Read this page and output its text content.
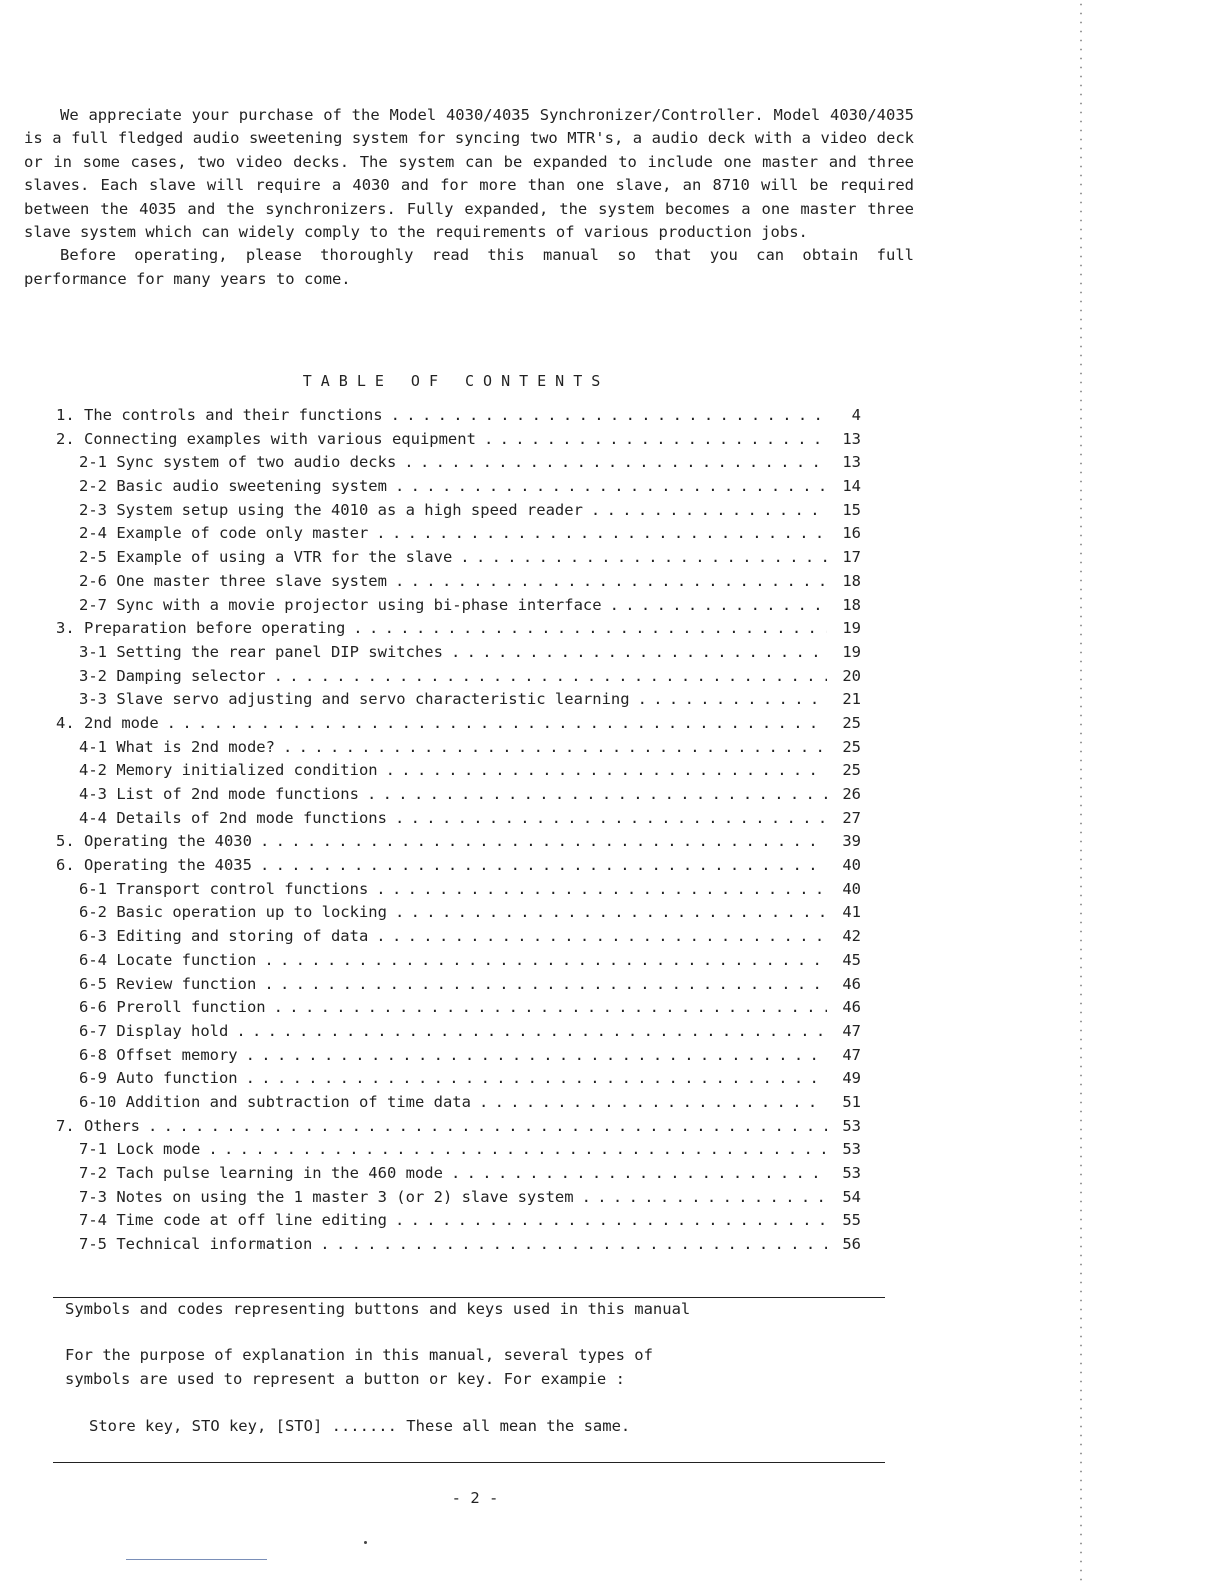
We appreciate your purchase of the Model 4030/4035 Synchronizer/Controller. Model 4030/4035 is a full fledged audio sweetening system for syncing two MTR's, a audio deck with a video deck or in some cases, two video decks. The system can be expanded to include one master and three slaves. Each slave will require a 4030 and for more than one slave, an 8710 will be required between the 4035 and the synchronizers. Fully expanded, the system becomes a one master three slave system which can widely comply to the requirements of various production jobs.

Before operating, please thoroughly read this manual so that you can obtain full performance for many years to come.

TABLE OF CONTENTS
1. The controls and their functions . . .	4
2. Connecting examples with various equipment . . .	13
2-1 Sync system of two audio decks . . .	13
2-2 Basic audio sweetening system . . .	14
2-3 System setup using the 4010 as a high speed reader . . .	15
2-4 Example of code only master . . .	16
2-5 Example of using a VTR for the slave . . .	17
2-6 One master three slave system . . .	18
2-7 Sync with a movie projector using bi-phase interface . . .	18
3. Preparation before operating . . .	19
3-1 Setting the rear panel DIP switches . . .	19
3-2 Damping selector . . .	20
3-3 Slave servo adjusting and servo characteristic learning . . .	21
4. 2nd mode . . .	25
4-1 What is 2nd mode? . . .	25
4-2 Memory initialized condition . . .	25
4-3 List of 2nd mode functions . . .	26
4-4 Details of 2nd mode functions . . .	27
5. Operating the 4030 . . .	39
6. Operating the 4035 . . .	40
6-1 Transport control functions . . .	40
6-2 Basic operation up to locking . . .	41
6-3 Editing and storing of data . . .	42
6-4 Locate function . . .	45
6-5 Review function . . .	46
6-6 Preroll function . . .	46
6-7 Display hold . . .	47
6-8 Offset memory . . .	47
6-9 Auto function . . .	49
6-10 Addition and subtraction of time data . . .	51
7. Others . . .	53
7-1 Lock mode . . .	53
7-2 Tach pulse learning in the 460 mode . . .	53
7-3 Notes on using the 1 master 3 (or 2) slave system . . .	54
7-4 Time code at off line editing . . .	55
7-5 Technical information . . .	56
Symbols and codes representing buttons and keys used in this manual
For the purpose of explanation in this manual, several types of
symbols are used to represent a button or key. For exampie :
Store key, STO key, [STO] ....... These all mean the same.
- 2 -
